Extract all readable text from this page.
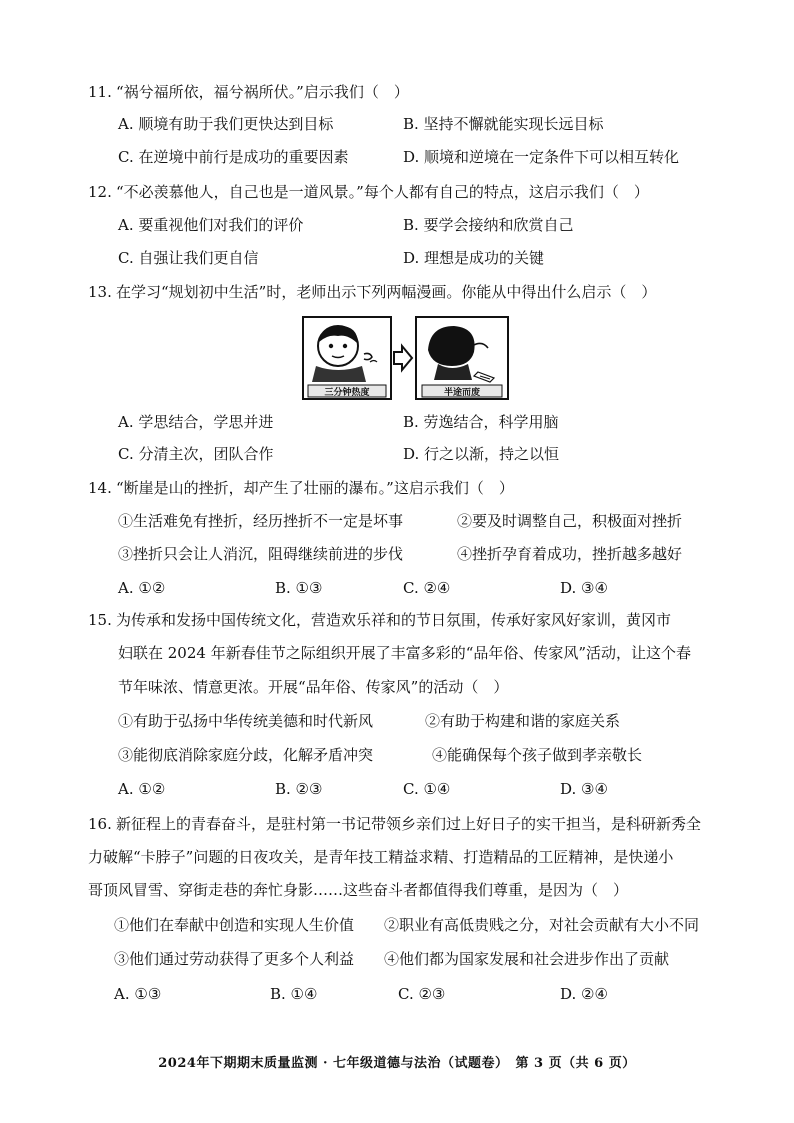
11. “祸兮福所依，福兮祸所伏。”启示我们（　）
A. 顺境有助于我们更快达到目标	B. 坚持不懈就能实现长远目标
C. 在逆境中前行是成功的重要因素	D. 顺境和逆境在一定条件下可以相互转化
12. “不必羡慕他人，自己也是一道风景。”每个人都有自己的特点，这启示我们（　）
A. 要重视他们对我们的评价	B. 要学会接纳和欣赏自己
C. 自强让我们更自信	D. 理想是成功的关键
13. 在学习“规划初中生活”时，老师出示下列两幅漫画。你能从中得出什么启示（　）
三分钟热度	半途而废
A. 学思结合，学思并进	B. 劳逸结合，科学用脑
C. 分清主次，团队合作	D. 行之以渐，持之以恒
14. “断崖是山的挫折，却产生了壮丽的瀑布。”这启示我们（　）
①生活难免有挫折，经历挫折不一定是坏事	②要及时调整自己，积极面对挫折
③挫折只会让人消沉，阻碍继续前进的步伐	④挫折孕育着成功，挫折越多越好
A. ①②	B. ①③	C. ②④	D. ③④
15. 为传承和发扬中国传统文化，营造欢乐祥和的节日氛围，传承好家风好家训，黄冈市
妇联在 2024 年新春佳节之际组织开展了丰富多彩的“品年俗、传家风”活动，让这个春
节年味浓、情意更浓。开展“品年俗、传家风”的活动（　）
①有助于弘扬中华传统美德和时代新风	②有助于构建和谐的家庭关系
③能彻底消除家庭分歧，化解矛盾冲突	④能确保每个孩子做到孝亲敬长
A. ①②	B. ②③	C. ①④	D. ③④
16. 新征程上的青春奋斗，是驻村第一书记带领乡亲们过上好日子的实干担当，是科研新秀全
力破解“卡脖子”问题的日夜攻关，是青年技工精益求精、打造精品的工匠精神，是快递小
哥顶风冒雪、穿街走巷的奔忙身影……这些奋斗者都值得我们尊重，是因为（　）
①他们在奉献中创造和实现人生价值 ②职业有高低贵贱之分，对社会贡献有大小不同
③他们通过劳动获得了更多个人利益 ④他们都为国家发展和社会进步作出了贡献
A. ①③	B. ①④	C. ②③	D. ②④
2024年下期期末质量监测 · 七年级道德与法治（试题卷）　第 3 页（共 6 页）
